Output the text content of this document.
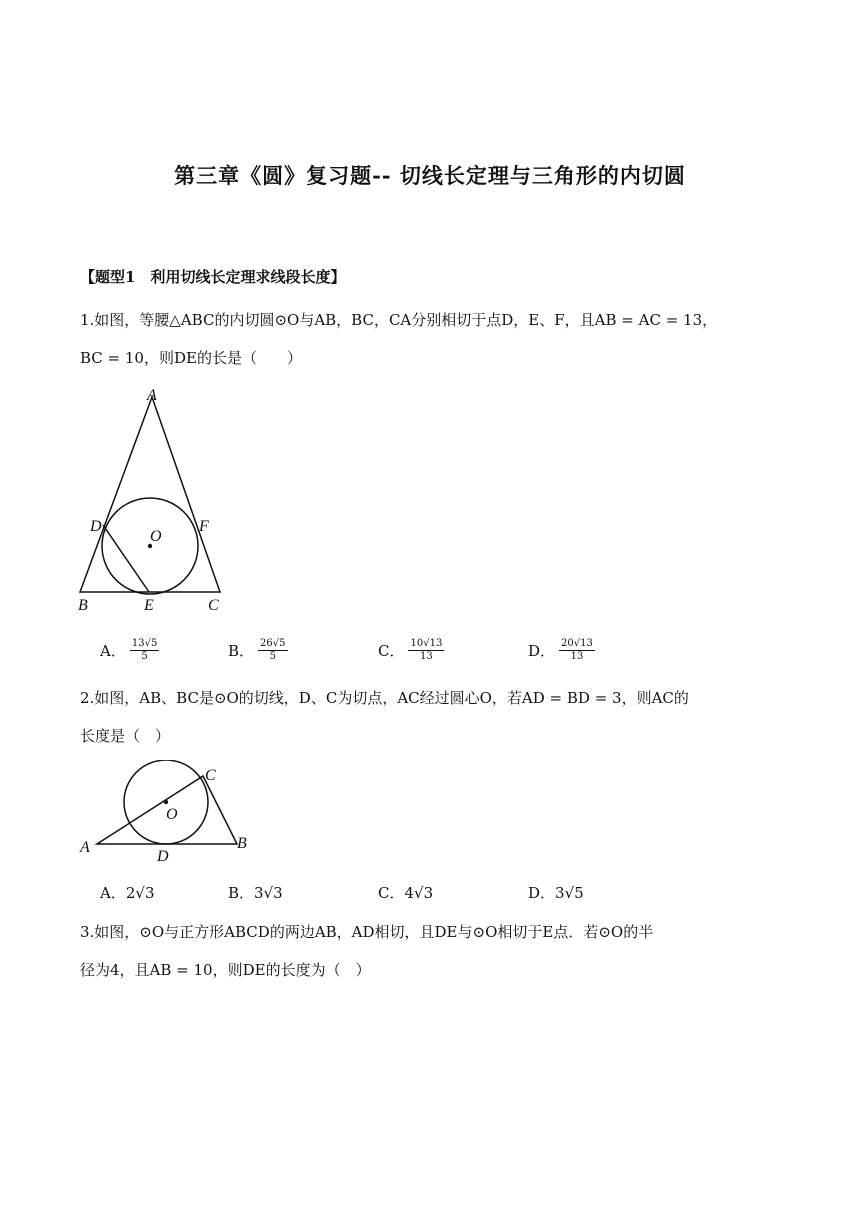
第三章《圆》复习题-- 切线长定理与三角形的内切圆
【题型1　利用切线长定理求线段长度】
1.如图，等腰△ABC的内切圆⊙O与AB，BC，CA分别相切于点D，E、F，且AB = AC = 13，
BC = 10，则DE的长是（　　）
A
D	F
O
B	E	C
A． $\frac{13√5}{5}$	B． $\frac{26√5}{5}$	C． $\frac{10√13}{13}$	D． $\frac{20√13}{13}$
2.如图，AB、BC是⊙O的切线，D、C为切点，AC经过圆心O，若AD = BD = 3，则AC的
长度是（　）
C
O
A
D
B
A．2√3	B．3√3	C．4√3	D．3√5
3.如图，⊙O与正方形ABCD的两边AB，AD相切，且DE与⊙O相切于E点．若⊙O的半
径为4，且AB = 10，则DE的长度为（　）
